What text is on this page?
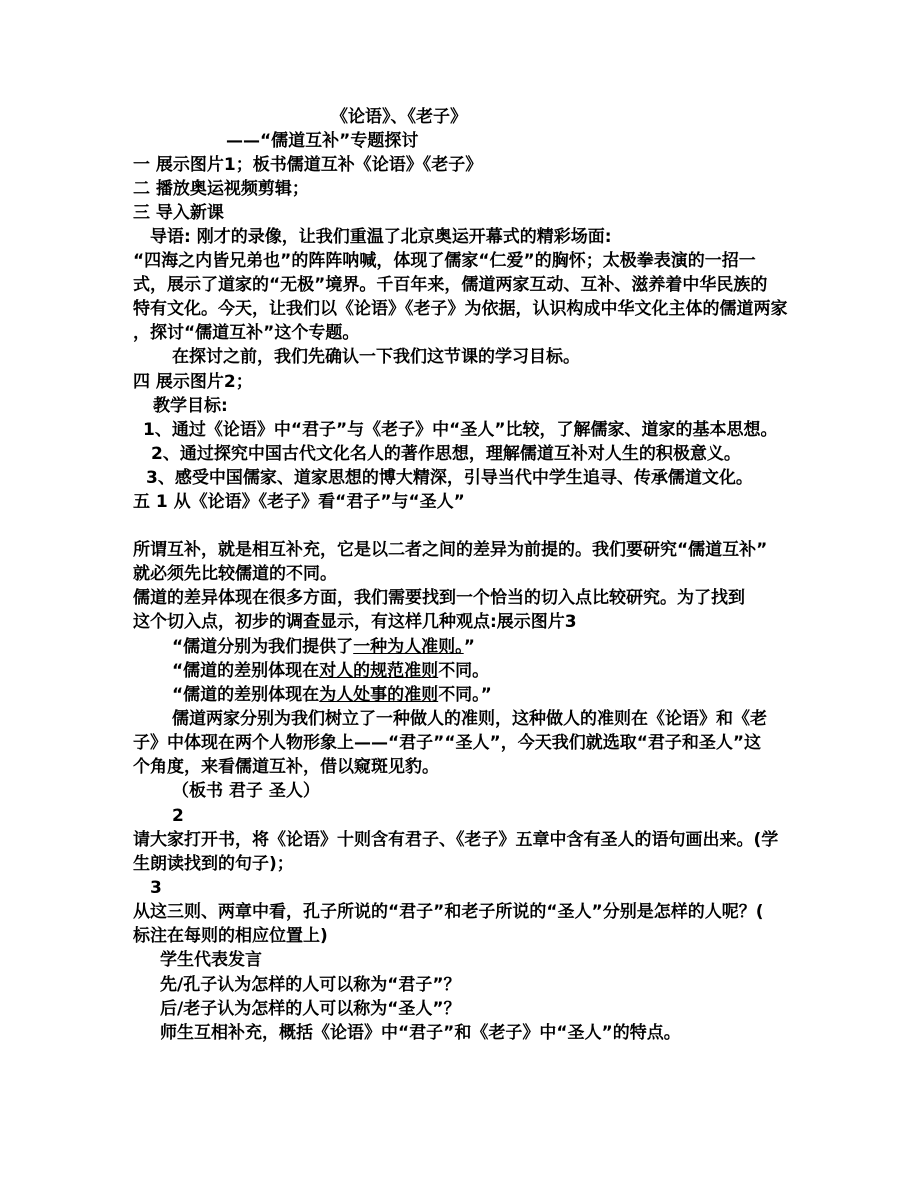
《论语》、《老子》

——“儒道互补”专题探讨

一 展示图片1；板书儒道互补《论语》《老子》

二 播放奥运视频剪辑；

三 导入新课

导语: 刚才的录像，让我们重温了北京奥运开幕式的精彩场面:

“四海之内皆兄弟也”的阵阵呐喊，体现了儒家“仁爱”的胸怀；太极拳表演的一招一

式，展示了道家的“无极”境界。千百年来，儒道两家互动、互补、滋养着中华民族的

特有文化。今天，让我们以《论语》《老子》为依据，认识构成中华文化主体的儒道两家

，探讨“儒道互补”这个专题。

在探讨之前，我们先确认一下我们这节课的学习目标。

四 展示图片2；

教学目标:

1、通过《论语》中“君子”与《老子》中“圣人”比较，了解儒家、道家的基本思想。

2、通过探究中国古代文化名人的著作思想，理解儒道互补对人生的积极意义。

3、感受中国儒家、道家思想的博大精深，引导当代中学生追寻、传承儒道文化。

五 1 从《论语》《老子》看“君子”与“圣人”

所谓互补，就是相互补充，它是以二者之间的差异为前提的。我们要研究“儒道互补”

就必须先比较儒道的不同。

儒道的差异体现在很多方面，我们需要找到一个恰当的切入点比较研究。为了找到

这个切入点，初步的调查显示，有这样几种观点:展示图片3

“儒道分别为我们提供了一种为人准则。”

“儒道的差别体现在对人的规范准则不同。

“儒道的差别体现在为人处事的准则不同。”

儒道两家分别为我们树立了一种做人的准则，这种做人的准则在《论语》和《老

子》中体现在两个人物形象上——“君子”“圣人”，今天我们就选取“君子和圣人”这

个角度，来看儒道互补，借以窥斑见豹。

（板书 君子 圣人）

2

请大家打开书，将《论语》十则含有君子、《老子》五章中含有圣人的语句画出来。(学

生朗读找到的句子)；

3

从这三则、两章中看，孔子所说的“君子”和老子所说的“圣人”分别是怎样的人呢？(

标注在每则的相应位置上)

学生代表发言

先/孔子认为怎样的人可以称为“君子”？

后/老子认为怎样的人可以称为“圣人”？

师生互相补充，概括《论语》中“君子”和《老子》中“圣人”的特点。
